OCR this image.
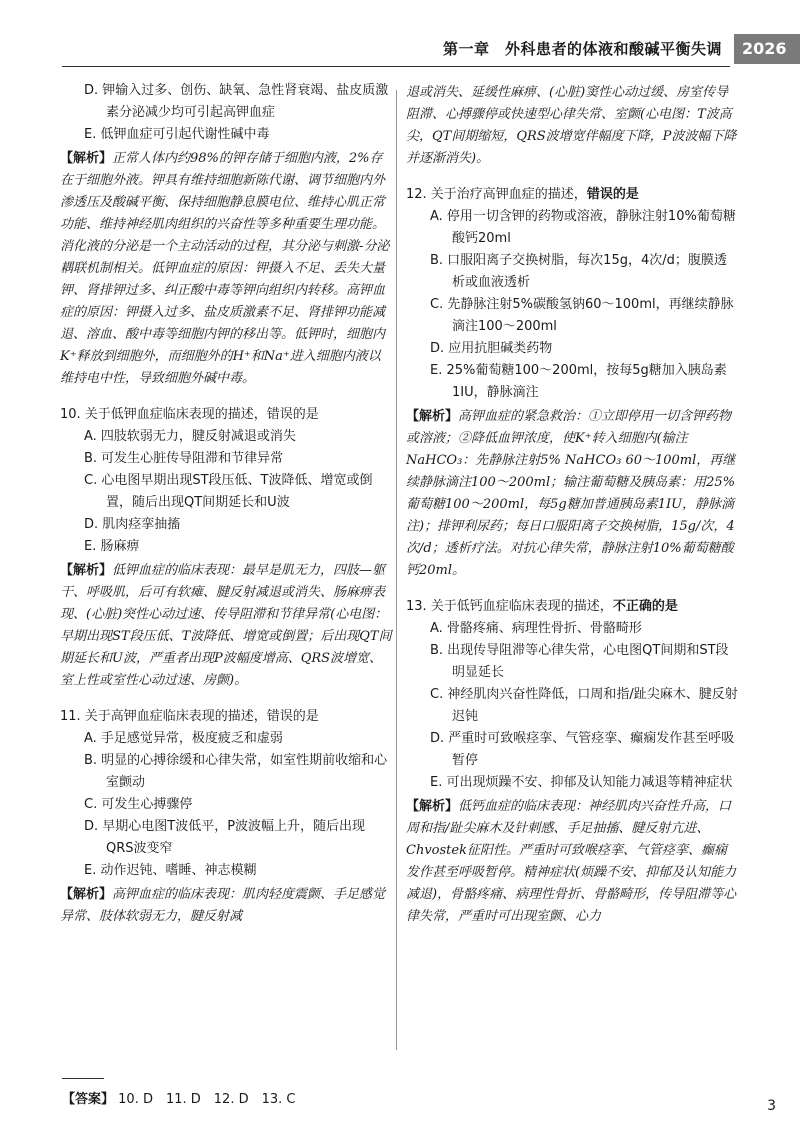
第一章　外科患者的体液和酸碱平衡失调	2026
D. 钾输入过多、创伤、缺氧、急性肾衰竭、盐皮质激素分泌减少均可引起高钾血症
E. 低钾血症可引起代谢性碱中毒
【解析】正常人体内约98%的钾存储于细胞内液，2%存在于细胞外液。钾具有维持细胞新陈代谢、调节细胞内外渗透压及酸碱平衡、保持细胞静息膜电位、维持心肌正常功能、维持神经肌肉组织的兴奋性等多种重要生理功能。消化液的分泌是一个主动活动的过程，其分泌与刺激-分泌耦联机制相关。低钾血症的原因：钾摄入不足、丢失大量钾、肾排钾过多、纠正酸中毒等钾向组织内转移。高钾血症的原因：钾摄入过多、盐皮质激素不足、肾排钾功能减退、溶血、酸中毒等细胞内钾的移出等。低钾时，细胞内K⁺释放到细胞外，而细胞外的H⁺和Na⁺进入细胞内液以维持电中性，导致细胞外碱中毒。
10. 关于低钾血症临床表现的描述，错误的是
A. 四肢软弱无力，腱反射减退或消失
B. 可发生心脏传导阻滞和节律异常
C. 心电图早期出现ST段压低、T波降低、增宽或倒置，随后出现QT间期延长和U波
D. 肌肉痉挛抽搐
E. 肠麻痹
【解析】低钾血症的临床表现：最早是肌无力，四肢—躯干、呼吸肌，后可有软瘫、腱反射减退或消失、肠麻痹表现、(心脏)突性心动过速、传导阻滞和节律异常(心电图：早期出现ST段压低、T波降低、增宽或倒置；后出现QT间期延长和U波，严重者出现P波幅度增高、QRS波增宽、室上性或室性心动过速、房颤)。
11. 关于高钾血症临床表现的描述，错误的是
A. 手足感觉异常，极度疲乏和虚弱
B. 明显的心搏徐缓和心律失常，如室性期前收缩和心室颤动
C. 可发生心搏骤停
D. 早期心电图T波低平，P波波幅上升，随后出现QRS波变窄
E. 动作迟钝、嗜睡、神志模糊
【解析】高钾血症的临床表现：肌肉轻度震颤、手足感觉异常、肢体软弱无力，腱反射减
退或消失、延缓性麻痹、(心脏)窦性心动过缓、房室传导阻滞、心搏骤停或快速型心律失常、室颤(心电图：T波高尖，QT间期缩短，QRS波增宽伴幅度下降，P波波幅下降并逐渐消失)。
12. 关于治疗高钾血症的描述，错误的是
A. 停用一切含钾的药物或溶液，静脉注射10%葡萄糖酸钙20ml
B. 口服阳离子交换树脂，每次15g，4次/d；腹膜透析或血液透析
C. 先静脉注射5%碳酸氢钠60～100ml，再继续静脉滴注100～200ml
D. 应用抗胆碱类药物
E. 25%葡萄糖100～200ml，按每5g糖加入胰岛素1IU，静脉滴注
【解析】高钾血症的紧急救治：①立即停用一切含钾药物或溶液；②降低血钾浓度，使K⁺转入细胞内(输注NaHCO₃：先静脉注射5% NaHCO₃ 60～100ml，再继续静脉滴注100～200ml；输注葡萄糖及胰岛素：用25%葡萄糖100～200ml，每5g糖加普通胰岛素1IU，静脉滴注)；排钾利尿药；每日口服阳离子交换树脂，15g/次，4次/d；透析疗法。对抗心律失常，静脉注射10%葡萄糖酸钙20ml。
13. 关于低钙血症临床表现的描述，不正确的是
A. 骨骼疼痛、病理性骨折、骨骼畸形
B. 出现传导阻滞等心律失常，心电图QT间期和ST段明显延长
C. 神经肌肉兴奋性降低，口周和指/趾尖麻木、腱反射迟钝
D. 严重时可致喉痉挛、气管痉挛、癫痫发作甚至呼吸暂停
E. 可出现烦躁不安、抑郁及认知能力减退等精神症状
【解析】低钙血症的临床表现：神经肌肉兴奋性升高，口周和指/趾尖麻木及针刺感、手足抽搐、腱反射亢进、Chvostek征阳性。严重时可致喉痉挛、气管痉挛、癫痫发作甚至呼吸暂停。精神症状(烦躁不安、抑郁及认知能力减退)，骨骼疼痛、病理性骨折、骨骼畸形，传导阻滞等心律失常，严重时可出现室颤、心力
【答案】 10. D　11. D　12. D　13. C	3
